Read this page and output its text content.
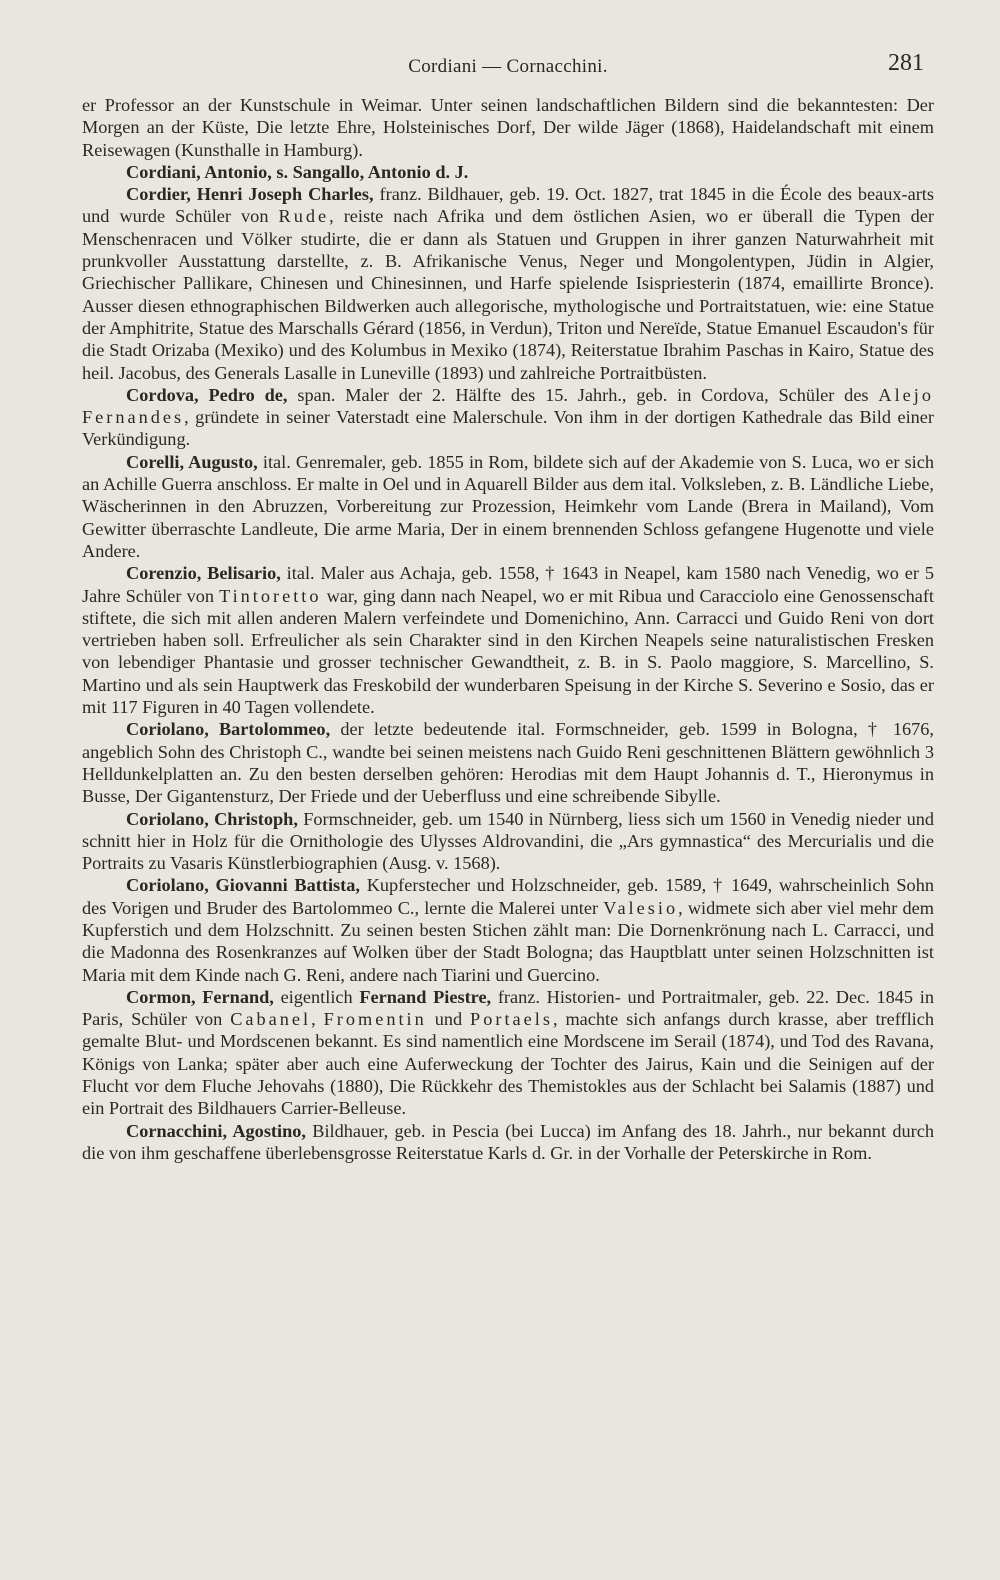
Cordiani — Cornacchini.	281

er Professor an der Kunstschule in Weimar. Unter seinen landschaftlichen Bildern sind die bekanntesten: Der Morgen an der Küste, Die letzte Ehre, Holsteinisches Dorf, Der wilde Jäger (1868), Haidelandschaft mit einem Reisewagen (Kunsthalle in Hamburg).

Cordiani, Antonio, s. Sangallo, Antonio d. J.

Cordier, Henri Joseph Charles, franz. Bildhauer, geb. 19. Oct. 1827, trat 1845 in die École des beaux-arts und wurde Schüler von Rude, reiste nach Afrika und dem östlichen Asien, wo er überall die Typen der Menschenracen und Völker studirte, die er dann als Statuen und Gruppen in ihrer ganzen Naturwahrheit mit prunkvoller Ausstattung darstellte, z. B. Afrikanische Venus, Neger und Mongolentypen, Jüdin in Algier, Griechischer Pallikare, Chinesen und Chinesinnen, und Harfe spielende Isispriesterin (1874, emaillirte Bronce). Ausser diesen ethnographischen Bildwerken auch allegorische, mythologische und Portraitstatuen, wie: eine Statue der Amphitrite, Statue des Marschalls Gérard (1856, in Verdun), Triton und Nereïde, Statue Emanuel Escaudon's für die Stadt Orizaba (Mexiko) und des Kolumbus in Mexiko (1874), Reiterstatue Ibrahim Paschas in Kairo, Statue des heil. Jacobus, des Generals Lasalle in Luneville (1893) und zahlreiche Portraitbüsten.

Cordova, Pedro de, span. Maler der 2. Hälfte des 15. Jahrh., geb. in Cordova, Schüler des Alejo Fernandes, gründete in seiner Vaterstadt eine Malerschule. Von ihm in der dortigen Kathedrale das Bild einer Verkündigung.

Corelli, Augusto, ital. Genremaler, geb. 1855 in Rom, bildete sich auf der Akademie von S. Luca, wo er sich an Achille Guerra anschloss. Er malte in Oel und in Aquarell Bilder aus dem ital. Volksleben, z. B. Ländliche Liebe, Wäscherinnen in den Abruzzen, Vorbereitung zur Prozession, Heimkehr vom Lande (Brera in Mailand), Vom Gewitter überraschte Landleute, Die arme Maria, Der in einem brennenden Schloss gefangene Hugenotte und viele Andere.

Corenzio, Belisario, ital. Maler aus Achaja, geb. 1558, † 1643 in Neapel, kam 1580 nach Venedig, wo er 5 Jahre Schüler von Tintoretto war, ging dann nach Neapel, wo er mit Ribua und Caracciolo eine Genossenschaft stiftete, die sich mit allen anderen Malern verfeindete und Domenichino, Ann. Carracci und Guido Reni von dort vertrieben haben soll. Erfreulicher als sein Charakter sind in den Kirchen Neapels seine naturalistischen Fresken von lebendiger Phantasie und grosser technischer Gewandtheit, z. B. in S. Paolo maggiore, S. Marcellino, S. Martino und als sein Hauptwerk das Freskobild der wunderbaren Speisung in der Kirche S. Severino e Sosio, das er mit 117 Figuren in 40 Tagen vollendete.

Coriolano, Bartolommeo, der letzte bedeutende ital. Formschneider, geb. 1599 in Bologna, † 1676, angeblich Sohn des Christoph C., wandte bei seinen meistens nach Guido Reni geschnittenen Blättern gewöhnlich 3 Helldunkelplatten an. Zu den besten derselben gehören: Herodias mit dem Haupt Johannis d. T., Hieronymus in Busse, Der Gigantensturz, Der Friede und der Ueberfluss und eine schreibende Sibylle.

Coriolano, Christoph, Formschneider, geb. um 1540 in Nürnberg, liess sich um 1560 in Venedig nieder und schnitt hier in Holz für die Ornithologie des Ulysses Aldrovandini, die „Ars gymnastica“ des Mercurialis und die Portraits zu Vasaris Künstlerbiographien (Ausg. v. 1568).

Coriolano, Giovanni Battista, Kupferstecher und Holzschneider, geb. 1589, † 1649, wahrscheinlich Sohn des Vorigen und Bruder des Bartolommeo C., lernte die Malerei unter Valesio, widmete sich aber viel mehr dem Kupferstich und dem Holzschnitt. Zu seinen besten Stichen zählt man: Die Dornenkrönung nach L. Carracci, und die Madonna des Rosenkranzes auf Wolken über der Stadt Bologna; das Hauptblatt unter seinen Holzschnitten ist Maria mit dem Kinde nach G. Reni, andere nach Tiarini und Guercino.

Cormon, Fernand, eigentlich Fernand Piestre, franz. Historien- und Portraitmaler, geb. 22. Dec. 1845 in Paris, Schüler von Cabanel, Fromentin und Portaels, machte sich anfangs durch krasse, aber trefflich gemalte Blut- und Mordscenen bekannt. Es sind namentlich eine Mordscene im Serail (1874), und Tod des Ravana, Königs von Lanka; später aber auch eine Auferweckung der Tochter des Jairus, Kain und die Seinigen auf der Flucht vor dem Fluche Jehovahs (1880), Die Rückkehr des Themistokles aus der Schlacht bei Salamis (1887) und ein Portrait des Bildhauers Carrier-Belleuse.

Cornacchini, Agostino, Bildhauer, geb. in Pescia (bei Lucca) im Anfang des 18. Jahrh., nur bekannt durch die von ihm geschaffene überlebensgrosse Reiterstatue Karls d. Gr. in der Vorhalle der Peterskirche in Rom.
